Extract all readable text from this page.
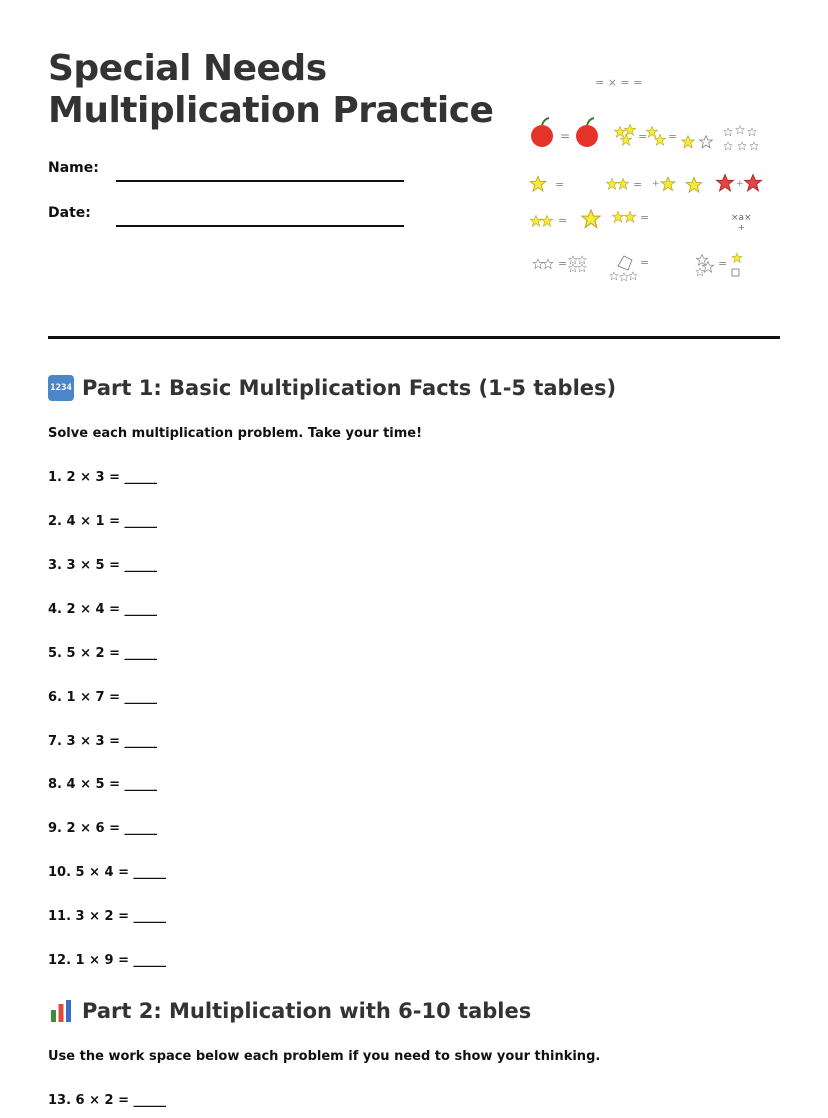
Special Needs
Multiplication Practice
Name:
Date:
= × = =
=	= =
=	= +	+
=	=	×a×
+
=	=	=
12 34 Part 1: Basic Multiplication Facts (1-5 tables)
Solve each multiplication problem. Take your time!
1. 2 × 3 = _____
2. 4 × 1 = _____
3. 3 × 5 = _____
4. 2 × 4 = _____
5. 5 × 2 = _____
6. 1 × 7 = _____
7. 3 × 3 = _____
8. 4 × 5 = _____
9. 2 × 6 = _____
10. 5 × 4 = _____
11. 3 × 2 = _____
12. 1 × 9 = _____
Part 2: Multiplication with 6-10 tables
Use the work space below each problem if you need to show your thinking.
13. 6 × 2 = _____
